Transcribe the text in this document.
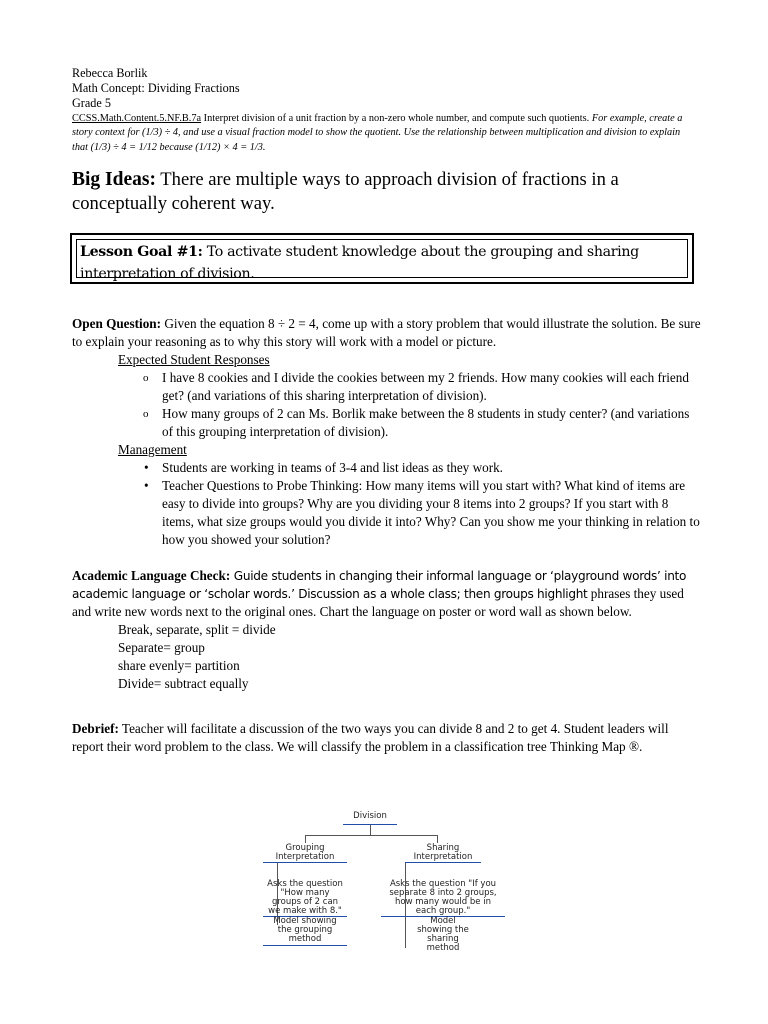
Rebecca Borlik
Math Concept: Dividing Fractions
Grade 5
CCSS.Math.Content.5.NF.B.7a Interpret division of a unit fraction by a non-zero whole number, and compute such quotients. For example, create a story context for (1/3) ÷ 4, and use a visual fraction model to show the quotient. Use the relationship between multiplication and division to explain that (1/3) ÷ 4 = 1/12 because (1/12) × 4 = 1/3.
Big Ideas: There are multiple ways to approach division of fractions in a conceptually coherent way.
Lesson Goal #1: To activate student knowledge about the grouping and sharing interpretation of division.
Open Question: Given the equation 8 ÷ 2 = 4, come up with a story problem that would illustrate the solution. Be sure to explain your reasoning as to why this story will work with a model or picture.
Expected Student Responses
o I have 8 cookies and I divide the cookies between my 2 friends. How many cookies will each friend get? (and variations of this sharing interpretation of division).
o How many groups of 2 can Ms. Borlik make between the 8 students in study center? (and variations of this grouping interpretation of division).
Management
• Students are working in teams of 3-4 and list ideas as they work.
• Teacher Questions to Probe Thinking: How many items will you start with? What kind of items are easy to divide into groups? Why are you dividing your 8 items into 2 groups? If you start with 8 items, what size groups would you divide it into? Why? Can you show me your thinking in relation to how you showed your solution?
Academic Language Check: Guide students in changing their informal language or ‘playground words’ into academic language or ‘scholar words.’ Discussion as a whole class; then groups highlight phrases they used and write new words next to the original ones. Chart the language on poster or word wall as shown below.
Break, separate, split = divide
Separate= group
share evenly= partition
Divide= subtract equally
Debrief: Teacher will facilitate a discussion of the two ways you can divide 8 and 2 to get 4. Student leaders will report their word problem to the class. We will classify the problem in a classification tree Thinking Map ®.
Division
Grouping
Interpretation
Asks the question
"How many
groups of 2 can
we make with 8."
Model showing
the grouping
method
Sharing
Interpretation
Asks the question "If you
separate 8 into 2 groups,
how many would be in
each group."
Model
showing the
sharing
method
